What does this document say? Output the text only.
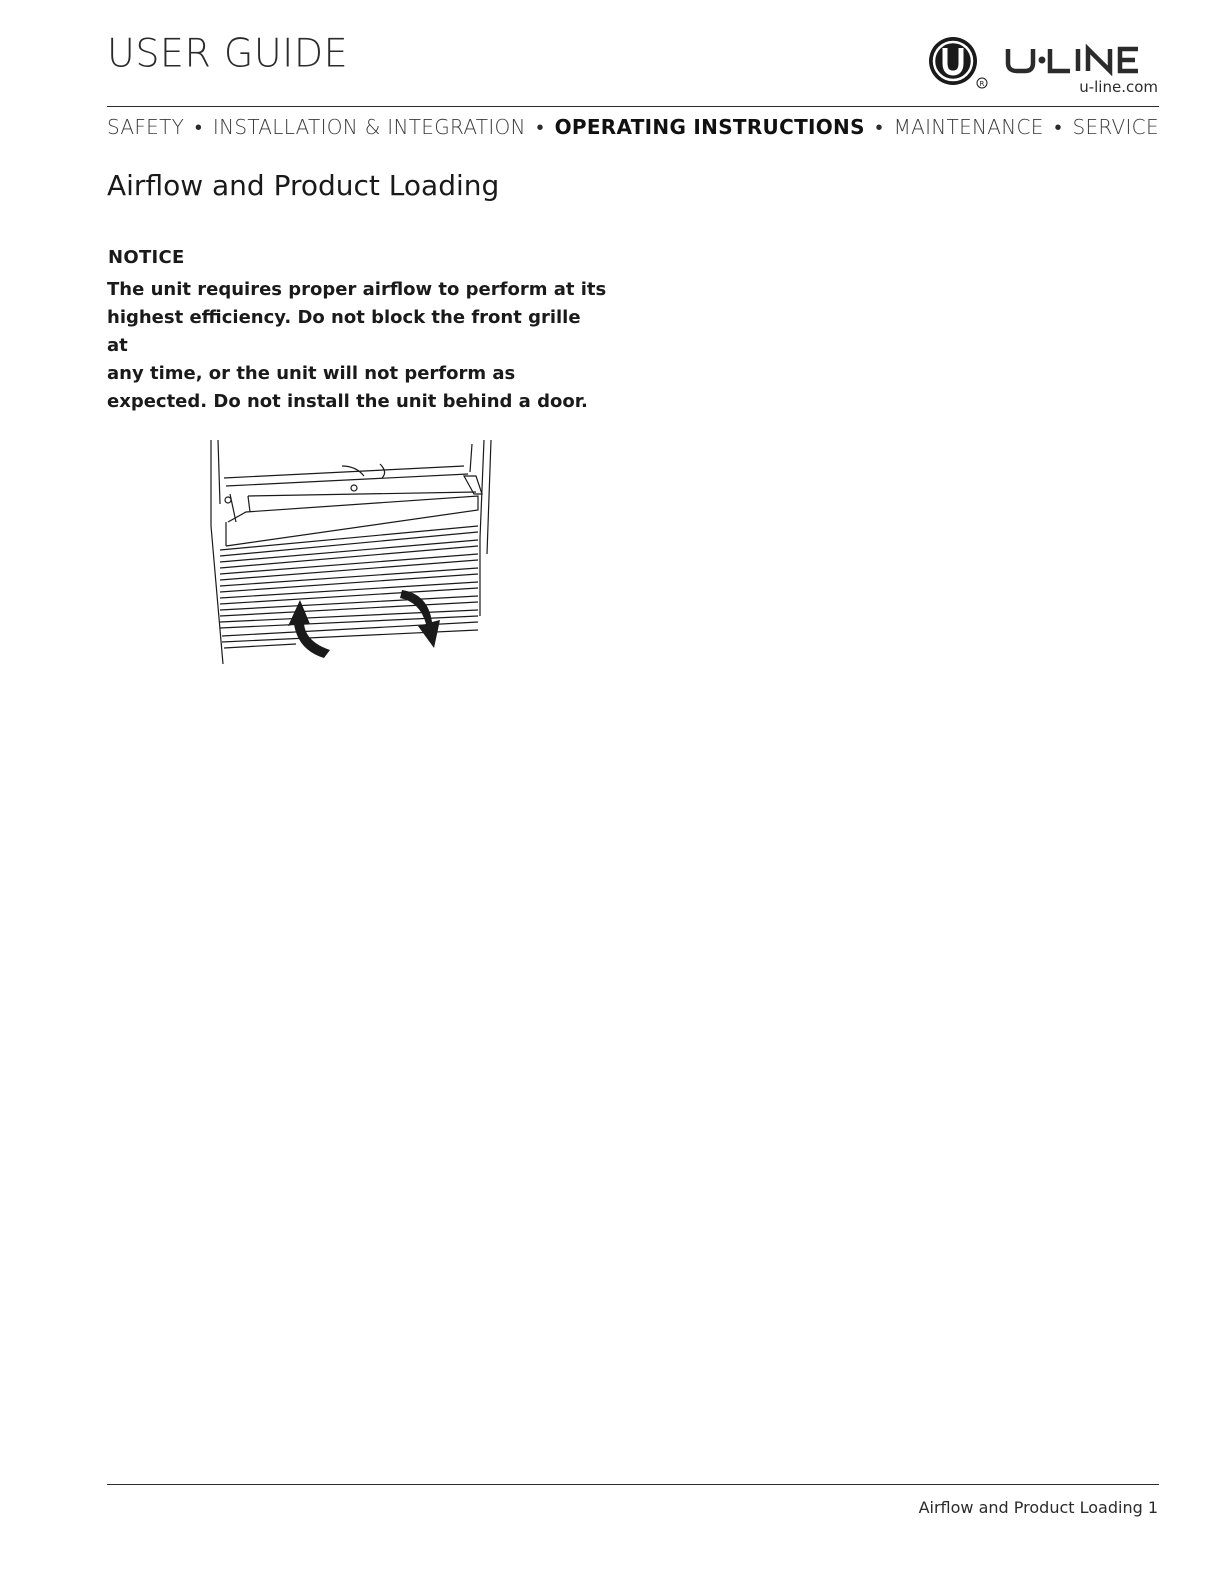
USER GUIDE
R	u-line.com
SAFETY • INSTALLATION & INTEGRATION • OPERATING INSTRUCTIONS • MAINTENANCE • SERVICE
Airflow and Product Loading
NOTICE
The unit requires proper airflow to perform at its
highest efficiency. Do not block the front grille at
any time, or the unit will not perform as
expected. Do not install the unit behind a door.
Airflow and Product Loading 1
